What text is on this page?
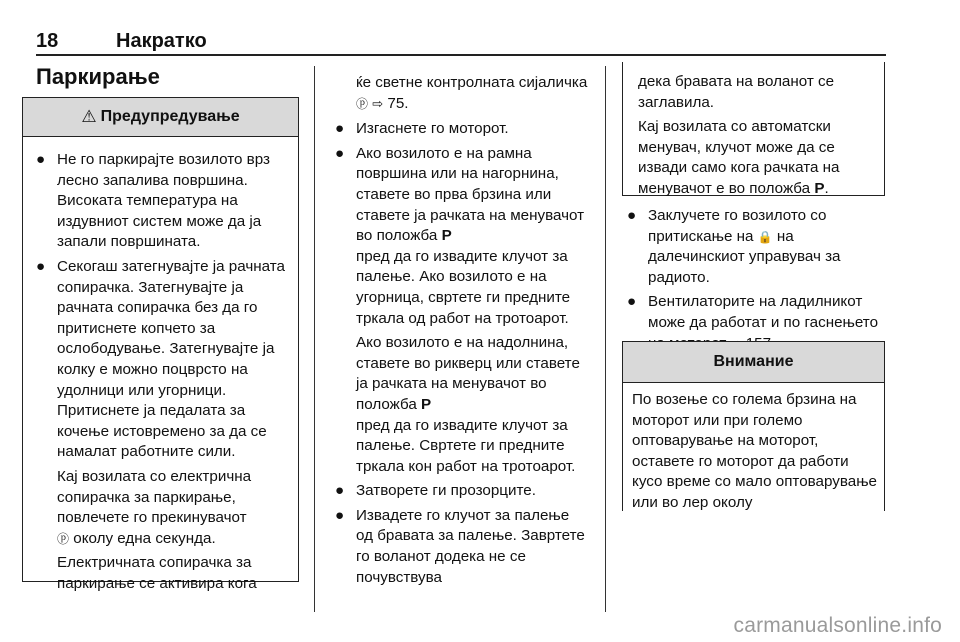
18	Накратко
Паркирање
⚠ Предупредување
● Не го паркирајте возилото врз лесно запалива површина. Високата температура на издувниот систем може да ја запали површината.
● Секогаш затегнувајте ја рачната сопирачка. Затегнувајте ја рачната сопирачка без да го притиснете копчето за ослободување. Затегнувајте ја колку е можно поцврсто на удолници или угорници. Притиснете ја педалата за кочење истовремено за да се намалат работните сили.

Кај возилата со електрична сопирачка за паркирање, повлечете го прекинувачот
ⓟ околу една секунда.

Електричната сопирачка за паркирање се активира кога

ќе светне контролната сијаличка ⓟ ⇨ 75.

● Изгаснете го моторот.
● Ако возилото е на рамна површина или на нагорнина, ставете во прва брзина или ставете ја рачката на менувачот во положба P
пред да го извадите клучот за палење. Ако возилото е на угорница, свртете ги предните тркала од работ на тротоарот.

Ако возилото е на надолнина, ставете во рикверц или ставете ја рачката на менувачот во положба P
пред да го извадите клучот за палење. Свртете ги предните тркала кон работ на тротоарот.

● Затворете ги прозорците.
● Извадете го клучот за палење од бравата за палење. Завртете го воланот додека не се почувствува

дека бравата на воланот се заглавила.

Кај возилата со автоматски менувач, клучот може да се извади само кога рачката на менувачот е во положба P.

● Заклучете го возилото со притискање на 🔒 на далечинскиот управувач за радиото.
● Вентилаторите на ладилникот може да работат и по гаснењето
Внимание

По возење со голема брзина на моторот или при големо оптоварување на моторот, оставете го моторот да работи кусо време со мало оптоварување или во лер околу

carmanualsonline.info
